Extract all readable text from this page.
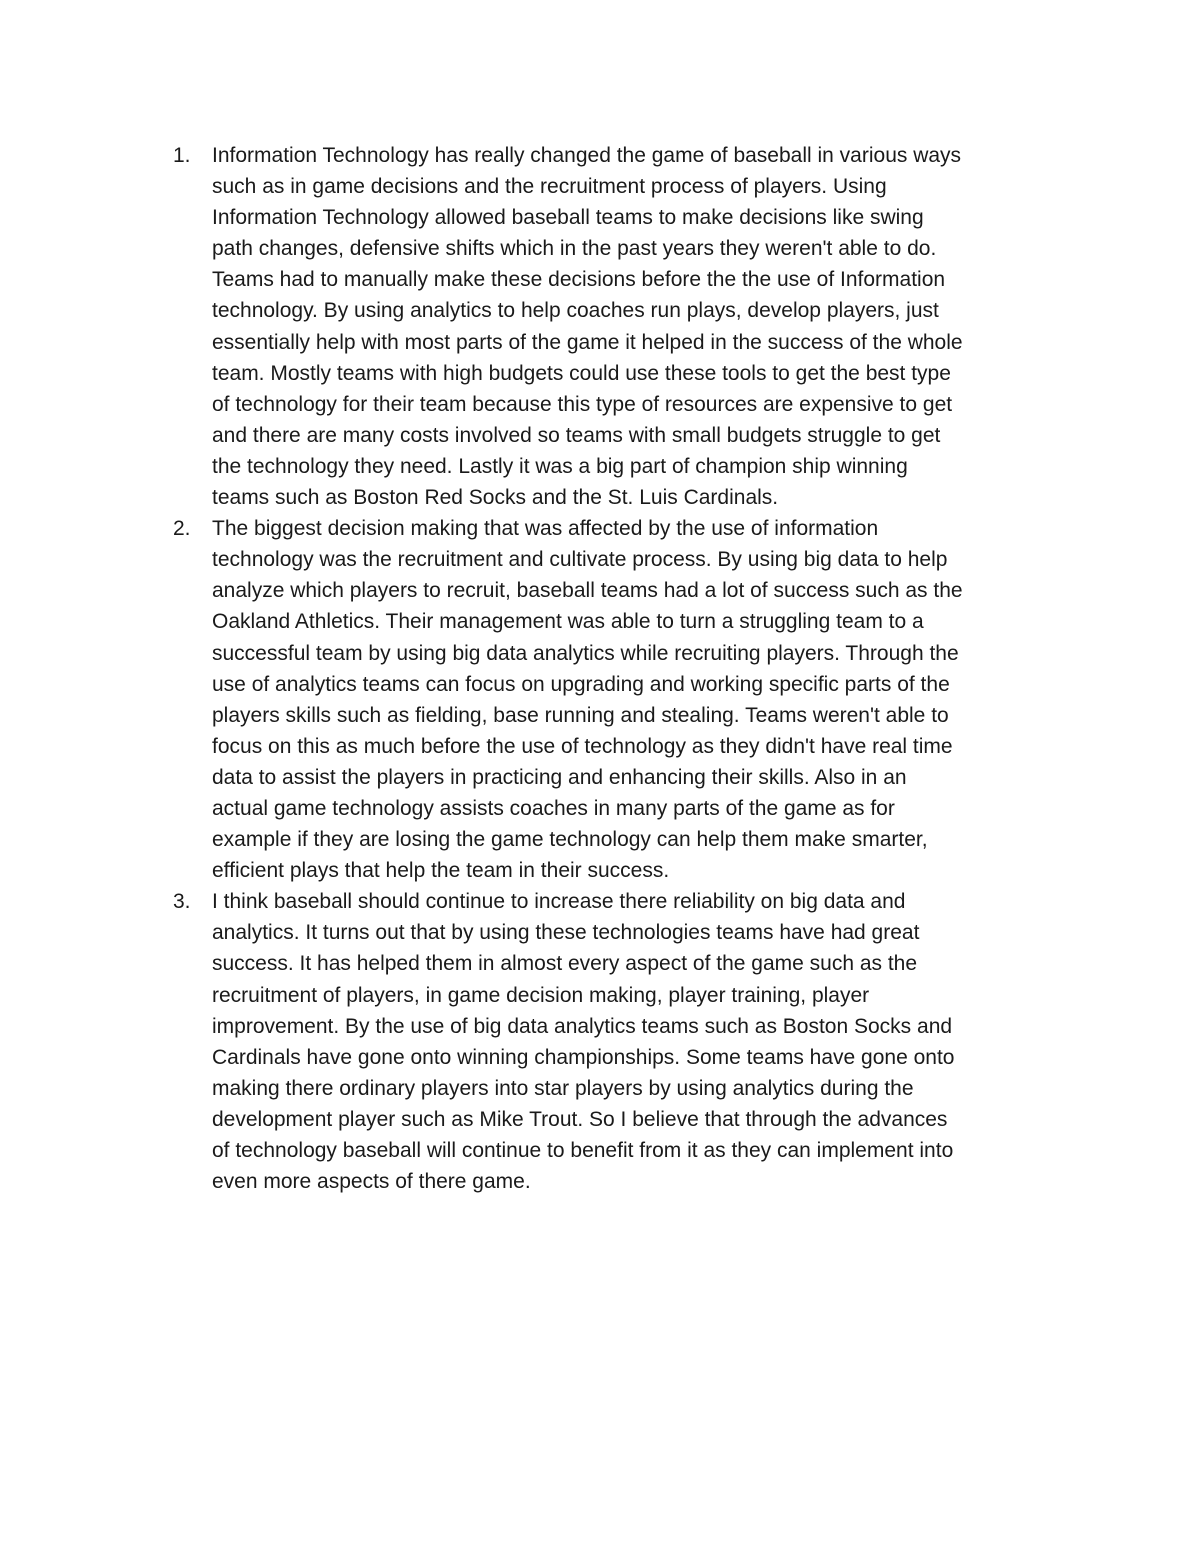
1. Information Technology has really changed the game of baseball in various ways
such as in game decisions and the recruitment process of players. Using
Information Technology allowed baseball teams to make decisions like swing
path changes, defensive shifts which in the past years they weren't able to do.
Teams had to manually make these decisions before the the use of Information
technology. By using analytics to help coaches run plays, develop players, just
essentially help with most parts of the game it helped in the success of the whole
team. Mostly teams with high budgets could use these tools to get the best type
of technology for their team because this type of resources are expensive to get
and there are many costs involved so teams with small budgets struggle to get
the technology they need. Lastly it was a big part of champion ship winning
teams such as Boston Red Socks and the St. Luis Cardinals.
2. The biggest decision making that was affected by the use of information
technology was the recruitment and cultivate process. By using big data to help
analyze which players to recruit, baseball teams had a lot of success such as the
Oakland Athletics. Their management was able to turn a struggling team to a
successful team by using big data analytics while recruiting players. Through the
use of analytics teams can focus on upgrading and working specific parts of the
players skills such as fielding, base running and stealing. Teams weren't able to
focus on this as much before the use of technology as they didn't have real time
data to assist the players in practicing and enhancing their skills. Also in an
actual game technology assists coaches in many parts of the game as for
example if they are losing the game technology can help them make smarter,
efficient plays that help the team in their success.
3. I think baseball should continue to increase there reliability on big data and
analytics. It turns out that by using these technologies teams have had great
success. It has helped them in almost every aspect of the game such as the
recruitment of players, in game decision making, player training, player
improvement. By the use of big data analytics teams such as Boston Socks and
Cardinals have gone onto winning championships. Some teams have gone onto
making there ordinary players into star players by using analytics during the
development player such as Mike Trout. So I believe that through the advances
of technology baseball will continue to benefit from it as they can implement into
even more aspects of there game.
